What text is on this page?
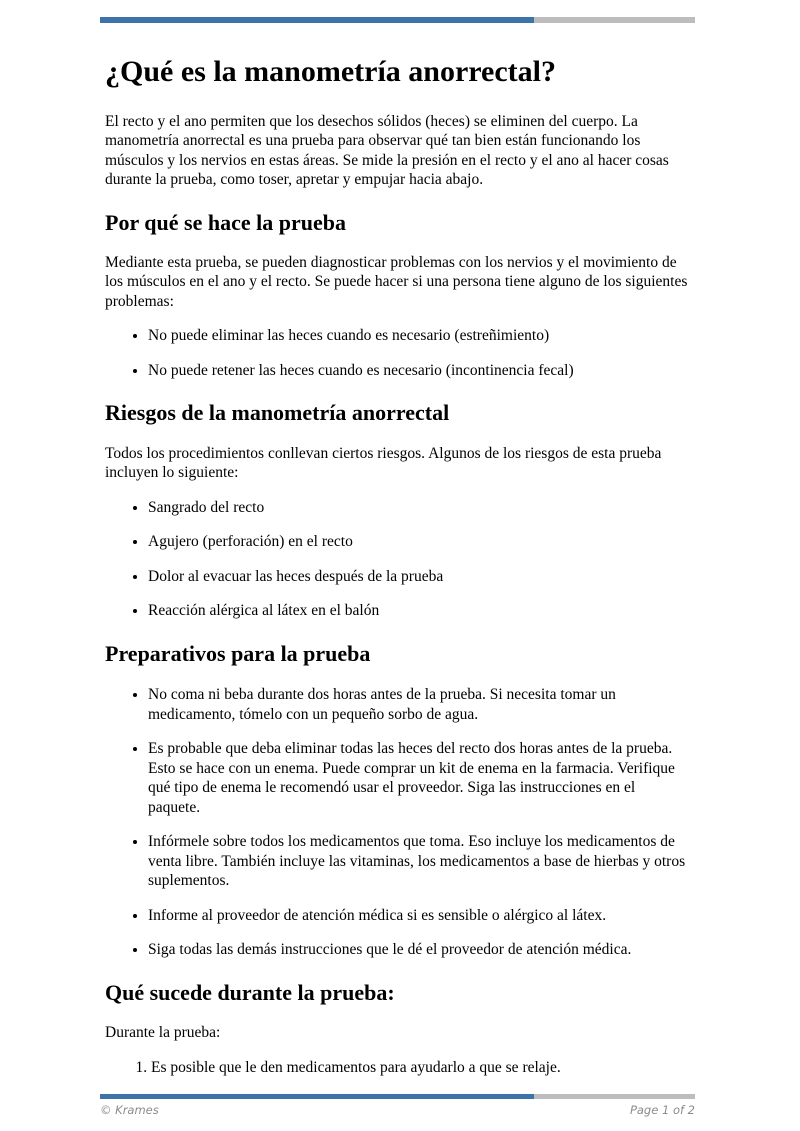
¿Qué es la manometría anorrectal?

El recto y el ano permiten que los desechos sólidos (heces) se eliminen del cuerpo. La manometría anorrectal es una prueba para observar qué tan bien están funcionando los músculos y los nervios en estas áreas. Se mide la presión en el recto y el ano al hacer cosas durante la prueba, como toser, apretar y empujar hacia abajo.

Por qué se hace la prueba

Mediante esta prueba, se pueden diagnosticar problemas con los nervios y el movimiento de los músculos en el ano y el recto. Se puede hacer si una persona tiene alguno de los siguientes problemas:

• No puede eliminar las heces cuando es necesario (estreñimiento)
• No puede retener las heces cuando es necesario (incontinencia fecal)
Riesgos de la manometría anorrectal

Todos los procedimientos conllevan ciertos riesgos. Algunos de los riesgos de esta prueba incluyen lo siguiente:

• Sangrado del recto
• Agujero (perforación) en el recto
• Dolor al evacuar las heces después de la prueba
• Reacción alérgica al látex en el balón
Preparativos para la prueba
• No coma ni beba durante dos horas antes de la prueba. Si necesita tomar un medicamento, tómelo con un pequeño sorbo de agua.
• Es probable que deba eliminar todas las heces del recto dos horas antes de la prueba. Esto se hace con un enema. Puede comprar un kit de enema en la farmacia. Verifique qué tipo de enema le recomendó usar el proveedor. Siga las instrucciones en el paquete.
• Infórmele sobre todos los medicamentos que toma. Eso incluye los medicamentos de venta libre. También incluye las vitaminas, los medicamentos a base de hierbas y otros suplementos.
• Informe al proveedor de atención médica si es sensible o alérgico al látex.
• Siga todas las demás instrucciones que le dé el proveedor de atención médica.
Qué sucede durante la prueba:

Durante la prueba:

1. Es posible que le den medicamentos para ayudarlo a que se relaje.
© Krames	Page 1 of 2
